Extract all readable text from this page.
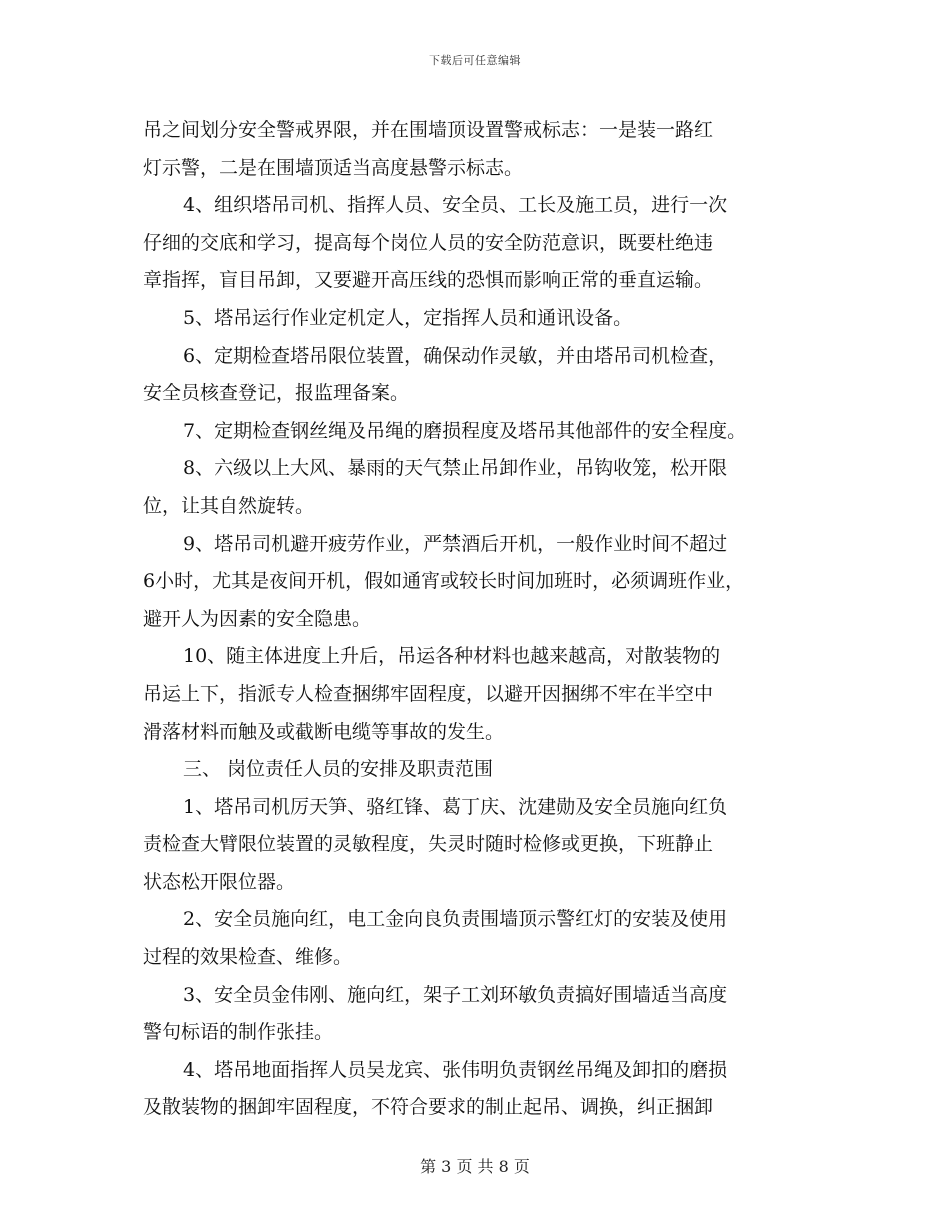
下载后可任意编辑
吊之间划分安全警戒界限，并在围墙顶设置警戒标志：一是装一路红
灯示警，二是在围墙顶适当高度悬警示标志。
4、组织塔吊司机、指挥人员、安全员、工长及施工员，进行一次
仔细的交底和学习，提高每个岗位人员的安全防范意识，既要杜绝违
章指挥，盲目吊卸，又要避开高压线的恐惧而影响正常的垂直运输。
5、塔吊运行作业定机定人，定指挥人员和通讯设备。
6、定期检查塔吊限位装置，确保动作灵敏，并由塔吊司机检查，
安全员核查登记，报监理备案。
7、定期检查钢丝绳及吊绳的磨损程度及塔吊其他部件的安全程度。
8、六级以上大风、暴雨的天气禁止吊卸作业，吊钩收笼，松开限
位，让其自然旋转。
9、塔吊司机避开疲劳作业，严禁酒后开机，一般作业时间不超过
6小时，尤其是夜间开机，假如通宵或较长时间加班时，必须调班作业，
避开人为因素的安全隐患。
10、随主体进度上升后，吊运各种材料也越来越高，对散装物的
吊运上下，指派专人检查捆绑牢固程度，以避开因捆绑不牢在半空中
滑落材料而触及或截断电缆等事故的发生。
三、 岗位责任人员的安排及职责范围
1、塔吊司机厉天笋、骆红锋、葛丁庆、沈建勋及安全员施向红负
责检查大臂限位装置的灵敏程度，失灵时随时检修或更换，下班静止
状态松开限位器。
2、安全员施向红，电工金向良负责围墙顶示警红灯的安装及使用
过程的效果检查、维修。
3、安全员金伟刚、施向红，架子工刘环敏负责搞好围墙适当高度
警句标语的制作张挂。
4、塔吊地面指挥人员吴龙宾、张伟明负责钢丝吊绳及卸扣的磨损
及散装物的捆卸牢固程度，不符合要求的制止起吊、调换，纠正捆卸
第 3 页 共 8 页
